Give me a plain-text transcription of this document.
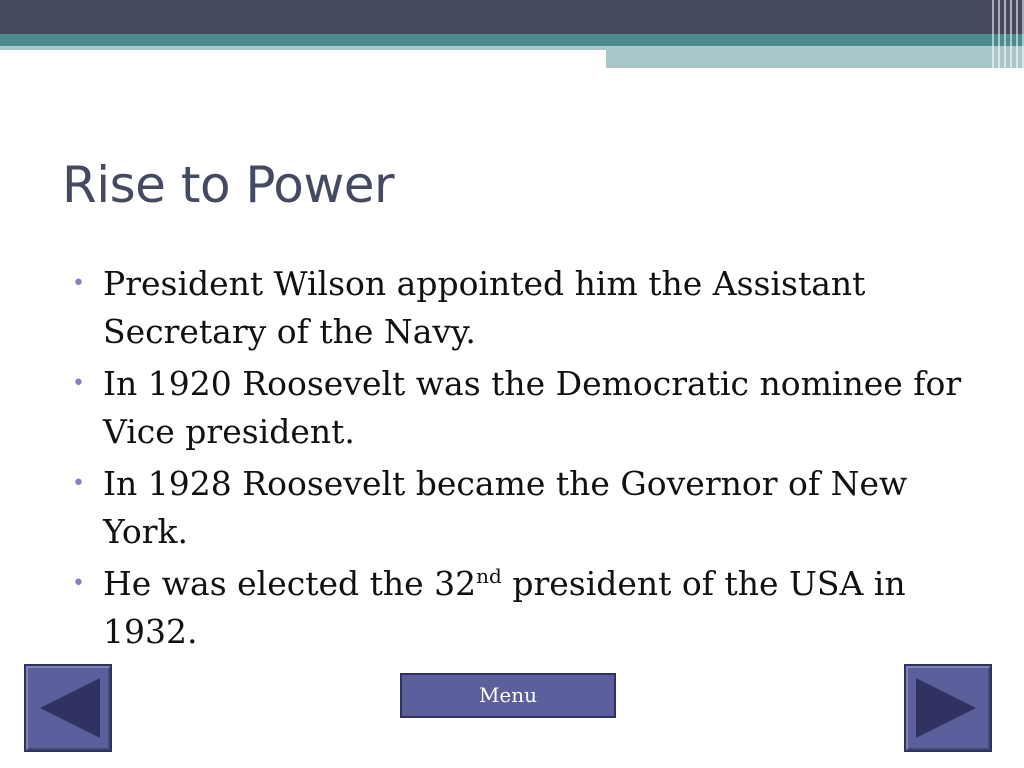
Rise to Power
• President Wilson appointed him the Assistant Secretary of the Navy.
• In 1920 Roosevelt was the Democratic nominee for Vice president.
• In 1928 Roosevelt became the Governor of New York.
• He was elected the 32nd president of the USA in 1932.
Menu
